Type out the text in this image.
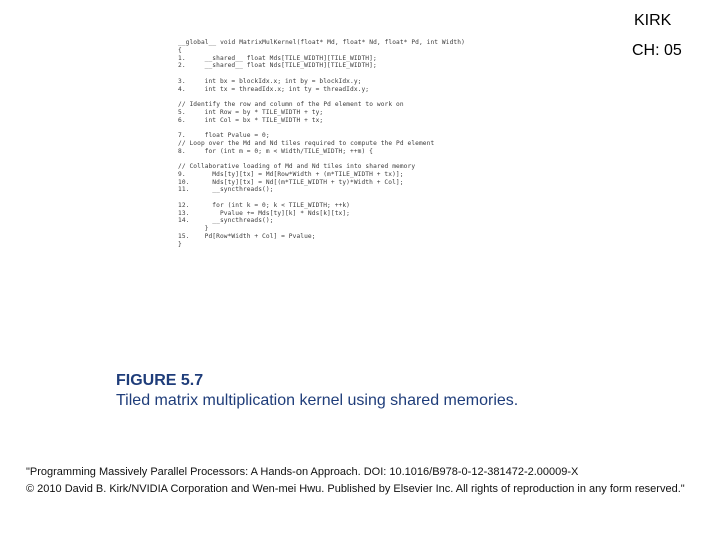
KIRK
CH: 05
__global__ void MatrixMulKernel(float* Md, float* Nd, float* Pd, int Width)
{
1. __shared__ float Mds[TILE_WIDTH][TILE_WIDTH];
2. __shared__ float Nds[TILE_WIDTH][TILE_WIDTH];
3. int bx = blockIdx.x; int by = blockIdx.y;
4. int tx = threadIdx.x; int ty = threadIdx.y;
// Identify the row and column of the Pd element to work on
5. int Row = by * TILE_WIDTH + ty;
6. int Col = bx * TILE_WIDTH + tx;
7. float Pvalue = 0;
// Loop over the Md and Nd tiles required to compute the Pd element
8. for (int m = 0; m < Width/TILE_WIDTH; ++m) {
// Collaborative loading of Md and Nd tiles into shared memory
9. Mds[ty][tx] = Md[Row*Width + (m*TILE_WIDTH + tx)];
10. Nds[ty][tx] = Nd[(m*TILE_WIDTH + ty)*Width + Col];
11. __syncthreads();
12. for (int k = 0; k < TILE_WIDTH; ++k)
13. Pvalue += Mds[ty][k] * Nds[k][tx];
14. __syncthreads();
}
15. Pd[Row*Width + Col] = Pvalue;
}
FIGURE 5.7
Tiled matrix multiplication kernel using shared memories.
"Programming Massively Parallel Processors: A Hands-on Approach. DOI: 10.1016/B978-0-12-381472-2.00009-X
© 2010 David B. Kirk/NVIDIA Corporation and Wen-mei Hwu. Published by Elsevier Inc. All rights of reproduction in any form reserved."
